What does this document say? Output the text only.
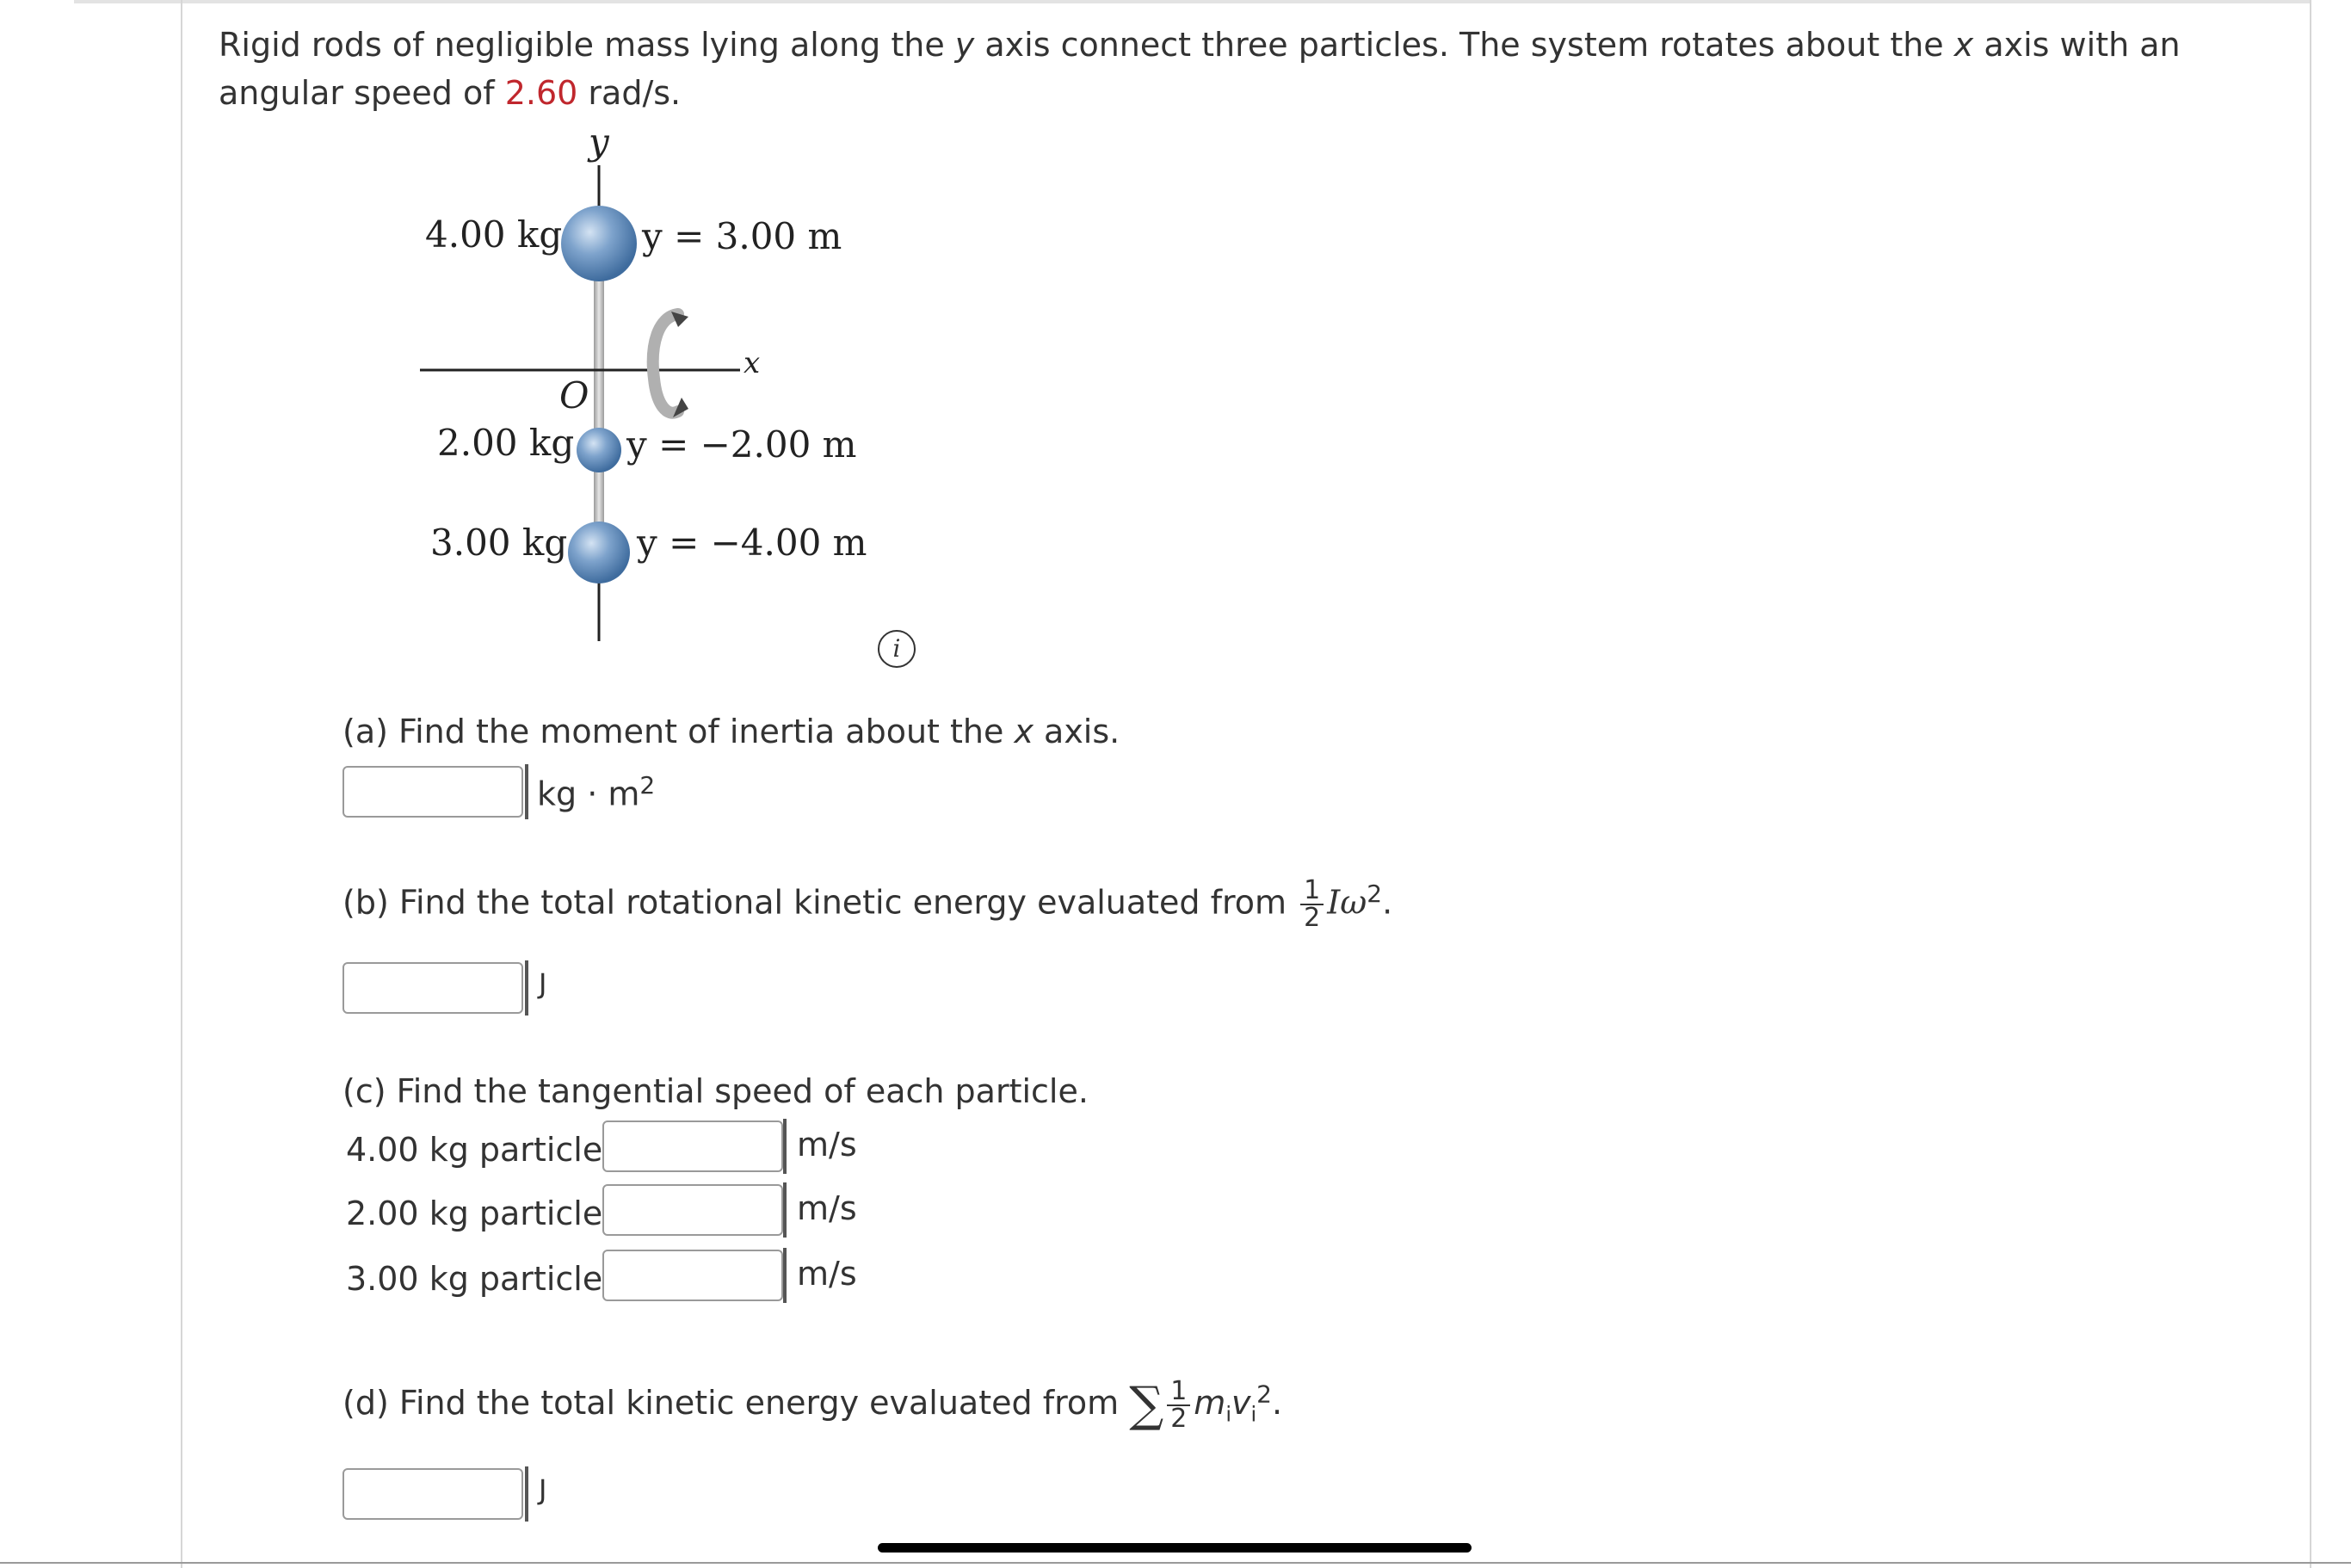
Rigid rods of negligible mass lying along the y axis connect three particles. The system rotates about the x axis with an angular speed of 2.60 rad/s.
y
x
O
4.00 kg y = 3.00 m
2.00 kg y = −2.00 m
3.00 kg y = −4.00 m
i
(a) Find the moment of inertia about the x axis.
kg · $m^2$
(b) Find the total rotational kinetic energy evaluated from $\frac{1}{2} I\omega^2$.
J
(c) Find the tangential speed of each particle.
4.00 kg particle	m/s
2.00 kg particle	m/s
3.00 kg particle	m/s
(d) Find the total kinetic energy evaluated from ∑ $\frac{1}{2} m_iv_i^2$.
J
